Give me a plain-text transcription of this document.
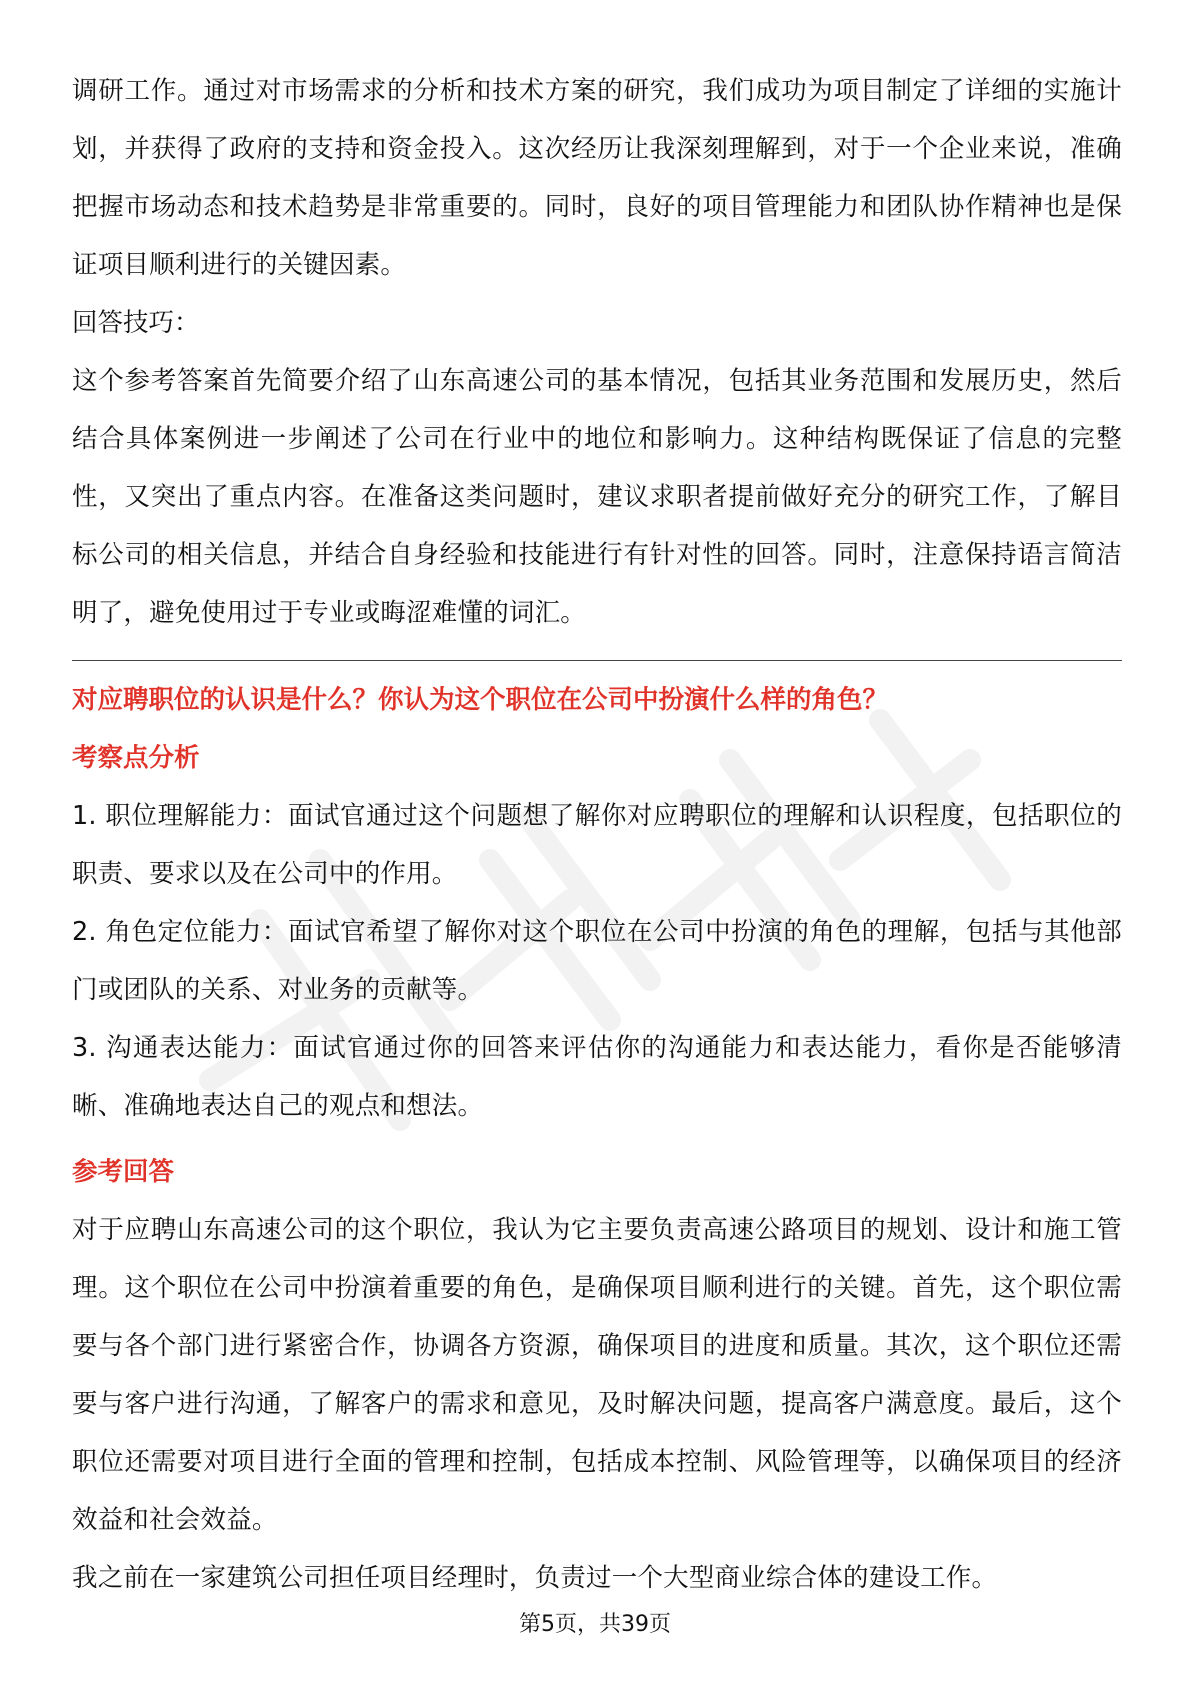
调研工作。通过对市场需求的分析和技术方案的研究，我们成功为项目制定了详细的实施计划，并获得了政府的支持和资金投入。这次经历让我深刻理解到，对于一个企业来说，准确把握市场动态和技术趋势是非常重要的。同时，良好的项目管理能力和团队协作精神也是保证项目顺利进行的关键因素。

回答技巧：

这个参考答案首先简要介绍了山东高速公司的基本情况，包括其业务范围和发展历史，然后结合具体案例进一步阐述了公司在行业中的地位和影响力。这种结构既保证了信息的完整性，又突出了重点内容。在准备这类问题时，建议求职者提前做好充分的研究工作，了解目标公司的相关信息，并结合自身经验和技能进行有针对性的回答。同时，注意保持语言简洁明了，避免使用过于专业或晦涩难懂的词汇。

对应聘职位的认识是什么？你认为这个职位在公司中扮演什么样的角色？

考察点分析

1. 职位理解能力：面试官通过这个问题想了解你对应聘职位的理解和认识程度，包括职位的职责、要求以及在公司中的作用。

2. 角色定位能力：面试官希望了解你对这个职位在公司中扮演的角色的理解，包括与其他部门或团队的关系、对业务的贡献等。

3. 沟通表达能力：面试官通过你的回答来评估你的沟通能力和表达能力，看你是否能够清晰、准确地表达自己的观点和想法。

参考回答

对于应聘山东高速公司的这个职位，我认为它主要负责高速公路项目的规划、设计和施工管理。这个职位在公司中扮演着重要的角色，是确保项目顺利进行的关键。首先，这个职位需要与各个部门进行紧密合作，协调各方资源，确保项目的进度和质量。其次，这个职位还需要与客户进行沟通，了解客户的需求和意见，及时解决问题，提高客户满意度。最后，这个职位还需要对项目进行全面的管理和控制，包括成本控制、风险管理等，以确保项目的经济效益和社会效益。

我之前在一家建筑公司担任项目经理时，负责过一个大型商业综合体的建设工作。

第5页，共39页
